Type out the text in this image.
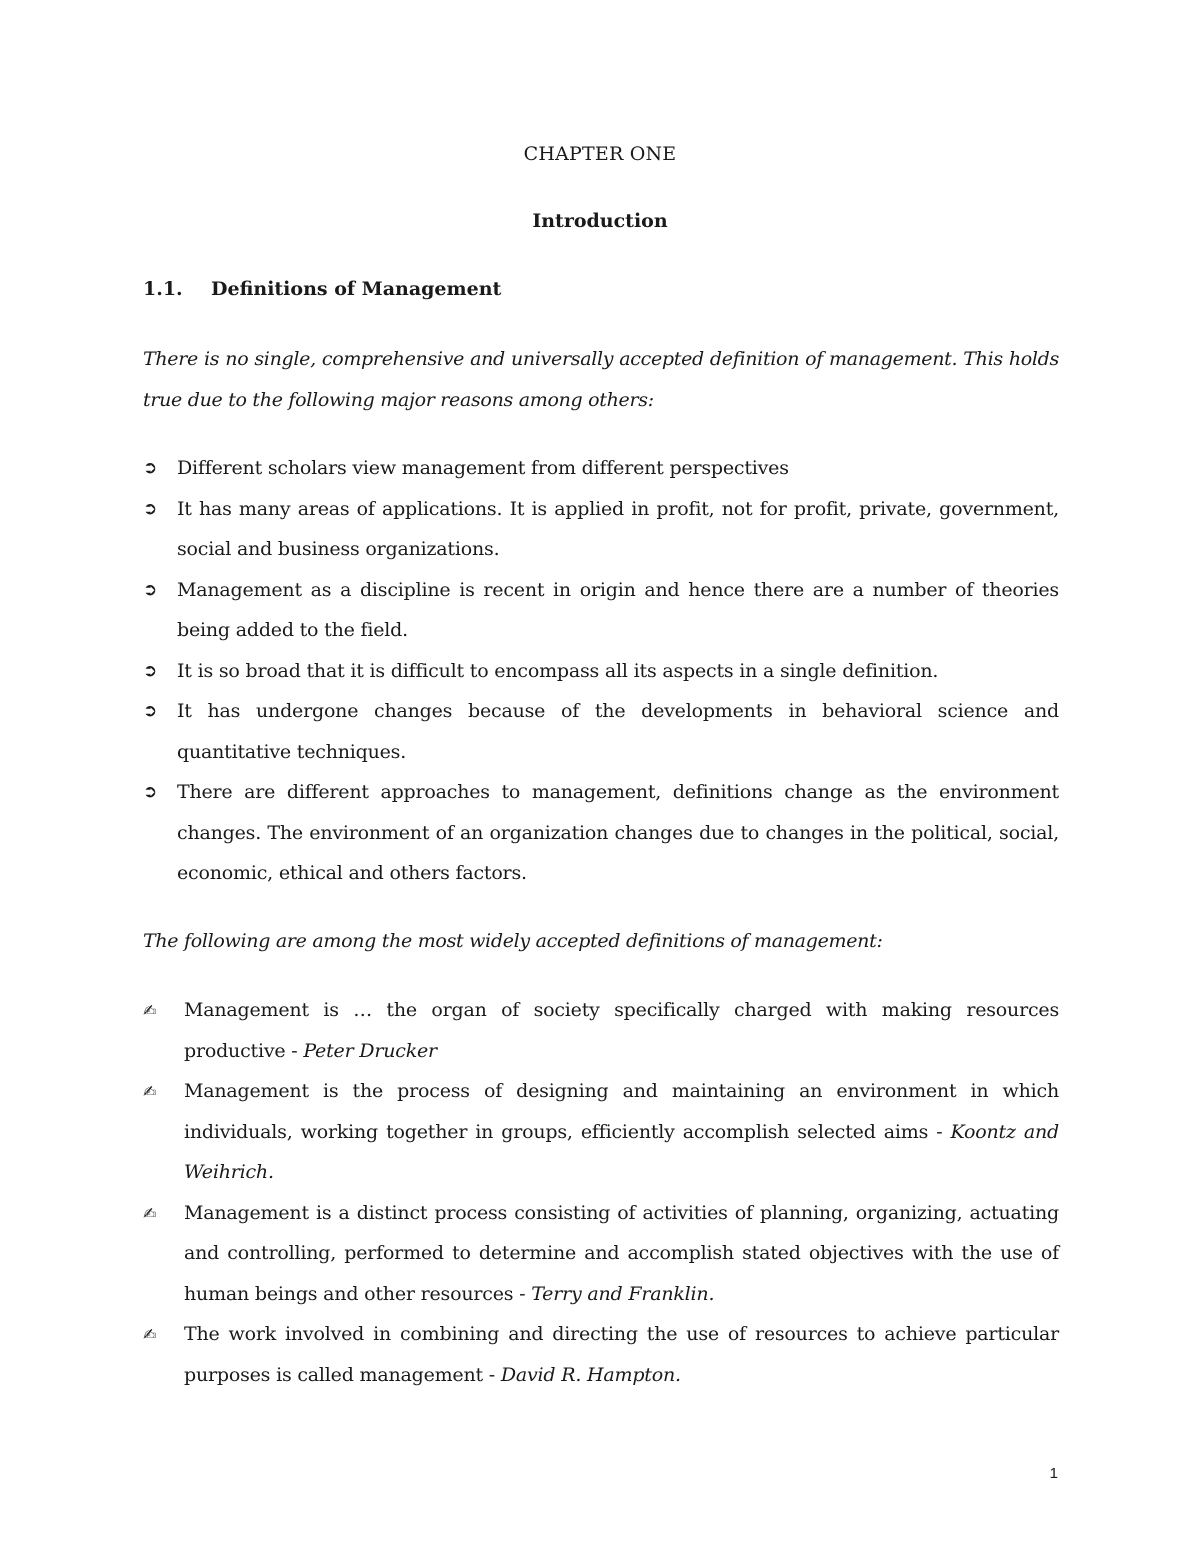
CHAPTER ONE
Introduction
1.1. Definitions of Management
There is no single, comprehensive and universally accepted definition of management. This holds true due to the following major reasons among others:
➲ Different scholars view management from different perspectives
➲ It has many areas of applications. It is applied in profit, not for profit, private, government, social and business organizations.
➲ Management as a discipline is recent in origin and hence there are a number of theories being added to the field.
➲ It is so broad that it is difficult to encompass all its aspects in a single definition.
➲ It has undergone changes because of the developments in behavioral science and quantitative techniques.
➲ There are different approaches to management, definitions change as the environment changes. The environment of an organization changes due to changes in the political, social, economic, ethical and others factors.
The following are among the most widely accepted definitions of management:
✍ Management is … the organ of society specifically charged with making resources productive - Peter Drucker
✍ Management is the process of designing and maintaining an environment in which individuals, working together in groups, efficiently accomplish selected aims - Koontz and Weihrich.
✍ Management is a distinct process consisting of activities of planning, organizing, actuating and controlling, performed to determine and accomplish stated objectives with the use of human beings and other resources - Terry and Franklin.
✍ The work involved in combining and directing the use of resources to achieve particular purposes is called management - David R. Hampton.
1
